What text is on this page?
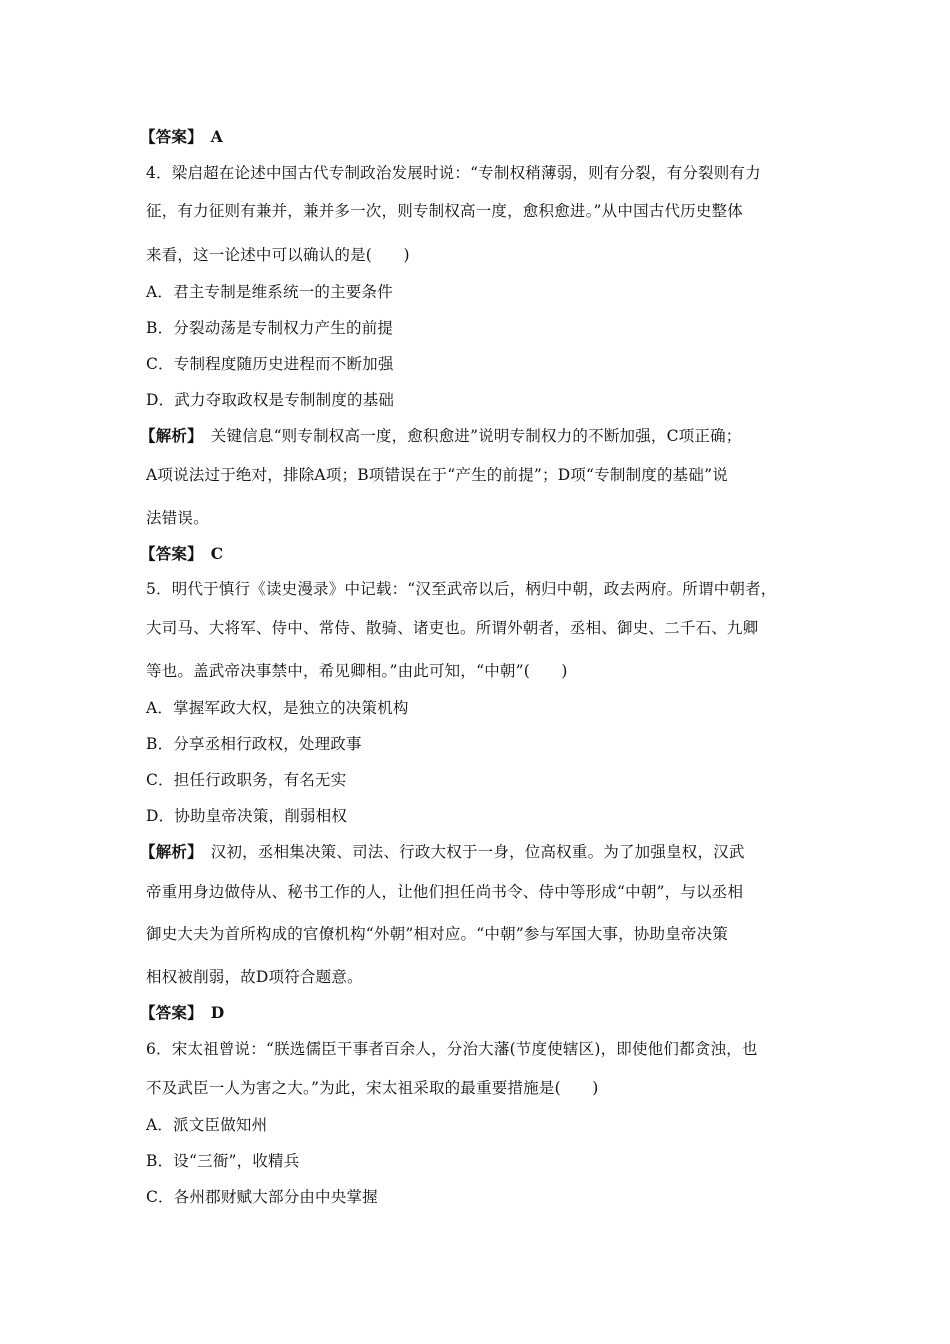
【答案】　A
4．梁启超在论述中国古代专制政治发展时说：“专制权稍薄弱，则有分裂，有分裂则有力
征，有力征则有兼并，兼并多一次，则专制权高一度，愈积愈进。”从中国古代历史整体
来看，这一论述中可以确认的是(　　)
A．君主专制是维系统一的主要条件
B．分裂动荡是专制权力产生的前提
C．专制程度随历史进程而不断加强
D．武力夺取政权是专制制度的基础
【解析】　关键信息“则专制权高一度，愈积愈进”说明专制权力的不断加强，C项正确；
A项说法过于绝对，排除A项；B项错误在于“产生的前提”；D项“专制制度的基础”说
法错误。
【答案】　C
5．明代于慎行《读史漫录》中记载：“汉至武帝以后，柄归中朝，政去两府。所谓中朝者，
大司马、大将军、侍中、常侍、散骑、诸吏也。所谓外朝者，丞相、御史、二千石、九卿
等也。盖武帝决事禁中，希见卿相。”由此可知，“中朝”(　　)
A．掌握军政大权，是独立的决策机构
B．分享丞相行政权，处理政事
C．担任行政职务，有名无实
D．协助皇帝决策，削弱相权
【解析】　汉初，丞相集决策、司法、行政大权于一身，位高权重。为了加强皇权，汉武
帝重用身边做侍从、秘书工作的人，让他们担任尚书令、侍中等形成“中朝”，与以丞相
御史大夫为首所构成的官僚机构“外朝”相对应。“中朝”参与军国大事，协助皇帝决策
相权被削弱，故D项符合题意。
【答案】　D
6．宋太祖曾说：“朕选儒臣干事者百余人，分治大藩(节度使辖区)，即使他们都贪浊，也
不及武臣一人为害之大。”为此，宋太祖采取的最重要措施是(　　)
A．派文臣做知州
B．设“三衙”，收精兵
C．各州郡财赋大部分由中央掌握
